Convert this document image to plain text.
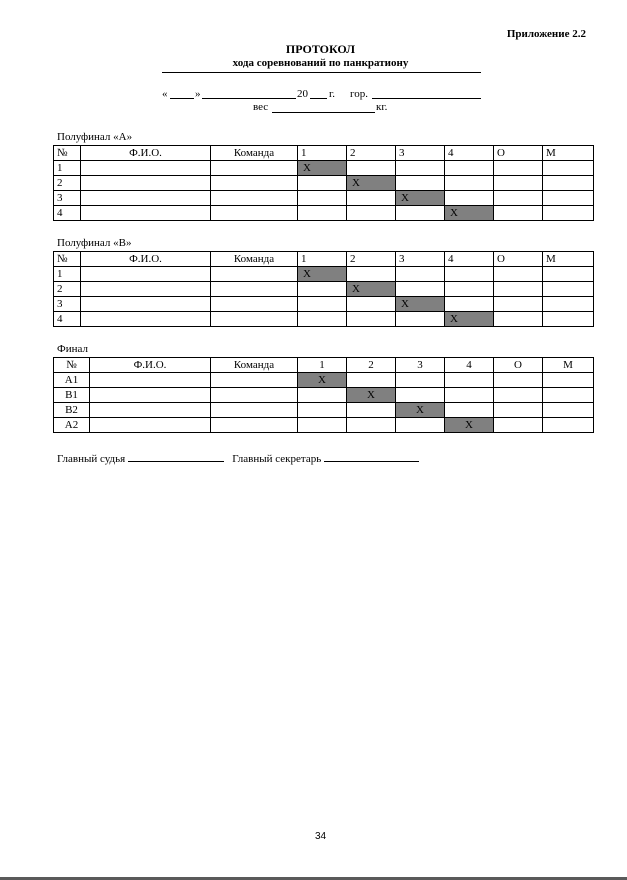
Приложение 2.2
ПРОТОКОЛ
хода соревнований по панкратиону
«	»	20 г. гор.
вес	кг.
Полуфинал «А»
№	Ф.И.О.	Команда	1	2	3	4	О	М
1			Х					
2				Х				
3					Х			
4						Х		
Полуфинал «В»
№	Ф.И.О.	Команда	1	2	3	4	О	М
1			Х					
2				Х				
3					Х			
4						Х		
Финал
№	Ф.И.О.	Команда	1	2	3	4	О	М
А1			Х					
В1				Х				
В2					Х			
А2						Х		
Главный судья	Главный секретарь
34
